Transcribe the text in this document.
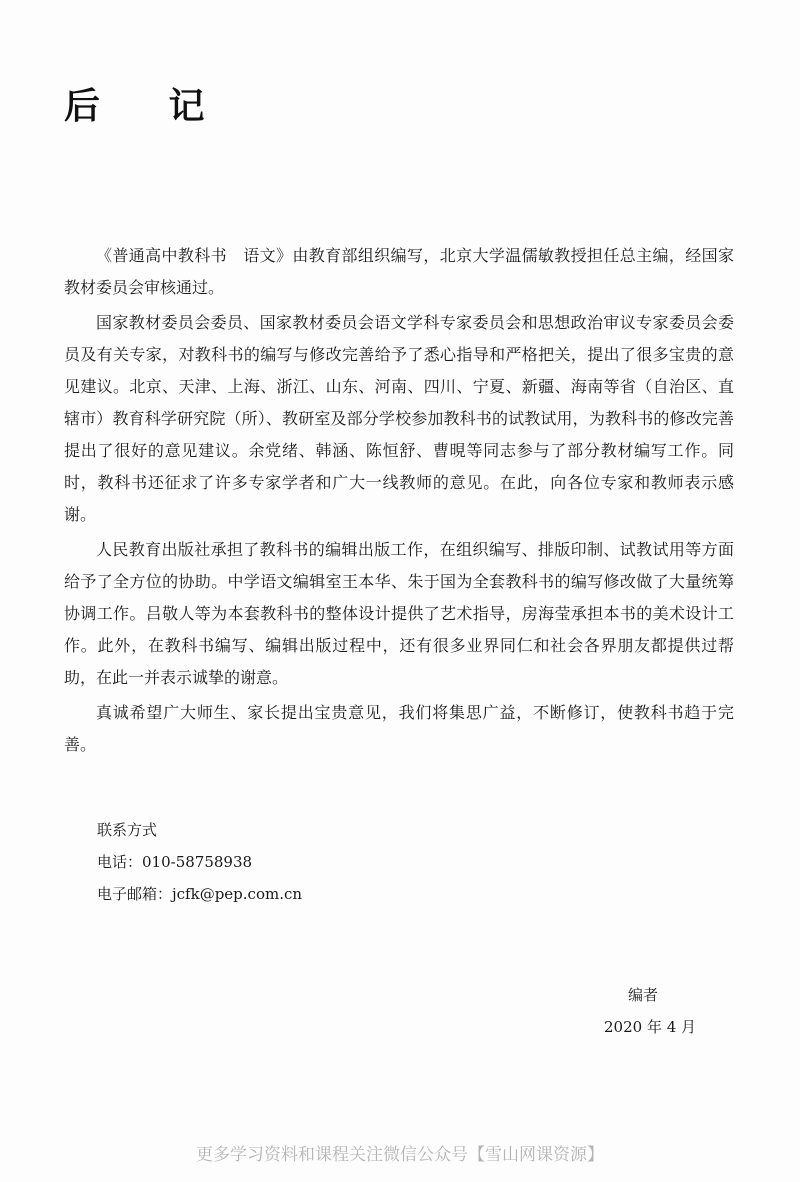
后 记

《普通高中教科书　语文》由教育部组织编写，北京大学温儒敏教授担任总主编，经国家教材委员会审核通过。

国家教材委员会委员、国家教材委员会语文学科专家委员会和思想政治审议专家委员会委员及有关专家，对教科书的编写与修改完善给予了悉心指导和严格把关，提出了很多宝贵的意见建议。北京、天津、上海、浙江、山东、河南、四川、宁夏、新疆、海南等省（自治区、直辖市）教育科学研究院（所）、教研室及部分学校参加教科书的试教试用，为教科书的修改完善提出了很好的意见建议。余党绪、韩涵、陈恒舒、曹晛等同志参与了部分教材编写工作。同时，教科书还征求了许多专家学者和广大一线教师的意见。在此，向各位专家和教师表示感谢。

人民教育出版社承担了教科书的编辑出版工作，在组织编写、排版印制、试教试用等方面给予了全方位的协助。中学语文编辑室王本华、朱于国为全套教科书的编写修改做了大量统筹协调工作。吕敬人等为本套教科书的整体设计提供了艺术指导，房海莹承担本书的美术设计工作。此外，在教科书编写、编辑出版过程中，还有很多业界同仁和社会各界朋友都提供过帮助，在此一并表示诚挚的谢意。

真诚希望广大师生、家长提出宝贵意见，我们将集思广益，不断修订，使教科书趋于完善。

联系方式
电话：010-58758938
电子邮箱：jcfk@pep.com.cn
编者
2020 年 4 月
更多学习资料和课程关注微信公众号【雪山网课资源】
